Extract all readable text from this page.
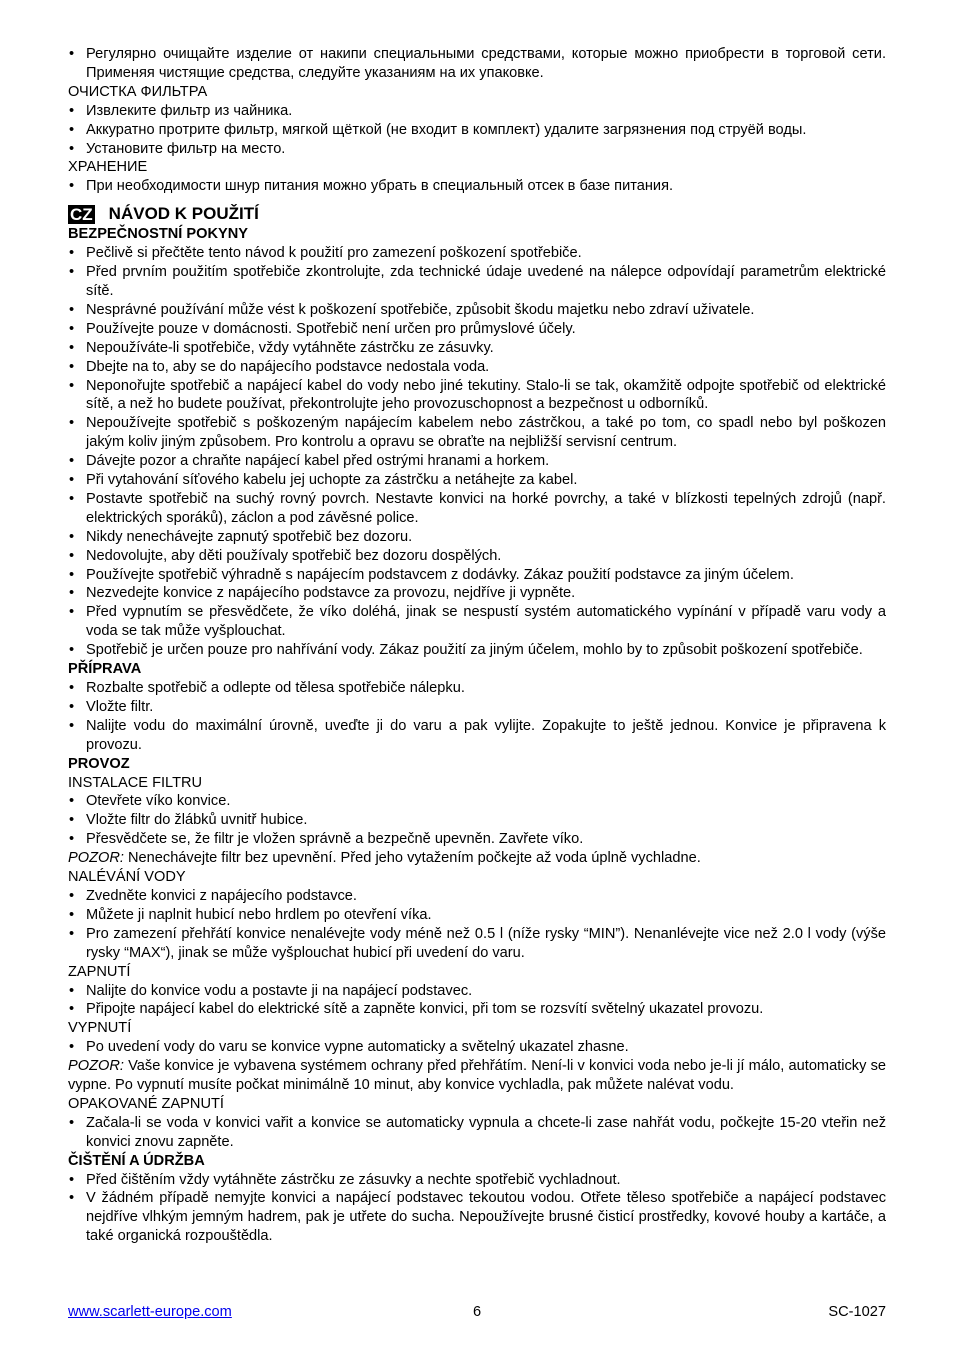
• Регулярно очищайте изделие от накипи специальными средствами, которые можно приобрести в торговой сети. Применяя чистящие средства, следуйте указаниям на их упаковке.

ОЧИСТКА ФИЛЬТРА

• Извлеките фильтр из чайника.
• Аккуратно протрите фильтр, мягкой щёткой (не входит в комплект) удалите загрязнения под струёй воды.
• Установите фильтр на место.

ХРАНЕНИЕ

• При необходимости шнур питания можно убрать в специальный отсек в базе питания.
CZ NÁVOD K POUŽITÍ

BEZPEČNOSTNÍ POKYNY

• Pečlivě si přečtěte tento návod k použití pro zamezení poškození spotřebiče.
• Před prvním použitím spotřebiče zkontrolujte, zda technické údaje uvedené na nálepce odpovídají parametrům elektrické sítě.
• Nesprávné používání může vést k poškození spotřebiče, způsobit škodu majetku nebo zdraví uživatele.
• Používejte pouze v domácnosti. Spotřebič není určen pro průmyslové účely.
• Nepoužíváte-li spotřebiče, vždy vytáhněte zástrčku ze zásuvky.
• Dbejte na to, aby se do napájecího podstavce nedostala voda.
• Neponořujte spotřebič a napájecí kabel do vody nebo jiné tekutiny. Stalo-li se tak, okamžitě odpojte spotřebič od elektrické sítě, a než ho budete používat, překontrolujte jeho provozuschopnost a bezpečnost u odborníků.
• Nepoužívejte spotřebič s poškozeným napájecím kabelem nebo zástrčkou, a také po tom, co spadl nebo byl poškozen jakým koliv jiným způsobem. Pro kontrolu a opravu se obraťte na nejbližší servisní centrum.
• Dávejte pozor a chraňte napájecí kabel před ostrými hranami a horkem.
• Při vytahování síťového kabelu jej uchopte za zástrčku a netáhejte za kabel.
• Postavte spotřebič na suchý rovný povrch. Nestavte konvici na horké povrchy, a také v blízkosti tepelných zdrojů (např. elektrických sporáků), záclon a pod závěsné police.
• Nikdy nenechávejte zapnutý spotřebič bez dozoru.
• Nedovolujte, aby děti používaly spotřebič bez dozoru dospělých.
• Používejte spotřebič výhradně s napájecím podstavcem z dodávky. Zákaz použití podstavce za jiným účelem.
• Nezvedejte konvice z napájecího podstavce za provozu, nejdříve ji vypněte.
• Před vypnutím se přesvědčete, že víko doléhá, jinak se nespustí systém automatického vypínání v případě varu vody a voda se tak může vyšplouchat.
• Spotřebič je určen pouze pro nahřívání vody. Zákaz použití za jiným účelem, mohlo by to způsobit poškození spotřebiče.

PŘÍPRAVA

• Rozbalte spotřebič a odlepte od tělesa spotřebiče nálepku.
• Vložte filtr.
• Nalijte vodu do maximální úrovně, uveďte ji do varu a pak vylijte. Zopakujte to ještě jednou. Konvice je připravena k provozu.

PROVOZ

INSTALACE FILTRU

• Otevřete víko konvice.
• Vložte filtr do žlábků uvnitř hubice.
• Přesvědčete se, že filtr je vložen správně a bezpečně upevněn. Zavřete víko.

POZOR: Nenechávejte filtr bez upevnění. Před jeho vytažením počkejte až voda úplně vychladne.

NALÉVÁNÍ VODY

• Zvedněte konvici z napájecího podstavce.
• Můžete ji naplnit hubicí nebo hrdlem po otevření víka.
• Pro zamezení přehřátí konvice nenalévejte vody méně než 0.5 l (níže rysky “MIN”). Nenanlévejte vice než 2.0 l vody (výše rysky “MAX“), jinak se může vyšplouchat hubicí při uvedení do varu.

ZAPNUTÍ

• Nalijte do konvice vodu a postavte ji na napájecí podstavec.
• Připojte napájecí kabel do elektrické sítě a zapněte konvici, při tom se rozsvítí světelný ukazatel provozu.

VYPNUTÍ

• Po uvedení vody do varu se konvice vypne automaticky a světelný ukazatel zhasne.

POZOR: Vaše konvice je vybavena systémem ochrany před přehřátím. Není-li v konvici voda nebo je-li jí málo, automaticky se vypne. Po vypnutí musíte počkat minimálně 10 minut, aby konvice vychladla, pak můžete nalévat vodu.

OPAKOVANÉ ZAPNUTÍ

• Začala-li se voda v konvici vařit a konvice se automaticky vypnula a chcete-li zase nahřát vodu, počkejte 15-20 vteřin než konvici znovu zapněte.

ČIŠTĚNÍ A ÚDRŽBA

• Před čištěním vždy vytáhněte zástrčku ze zásuvky a nechte spotřebič vychladnout.
• V žádném případě nemyjte konvici a napájecí podstavec tekoutou vodou. Otřete těleso spotřebiče a napájecí podstavec nejdříve vlhkým jemným hadrem, pak je utřete do sucha. Nepoužívejte brusné čisticí prostředky, kovové houby a kartáče, a také organická rozpouštědla.
www.scarlett-europe.com	6	SC-1027
